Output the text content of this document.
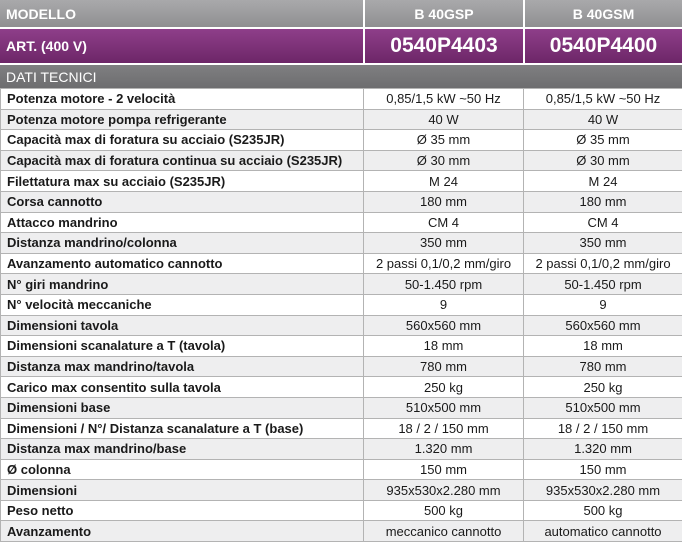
MODELLO	B 40GSP	B 40GSM
ART. (400 V)	0540P4403	0540P4400
DATI TECNICI
Potenza motore - 2 velocità	0,85/1,5 kW ~50 Hz	0,85/1,5 kW ~50 Hz
Potenza motore pompa refrigerante	40 W	40 W
Capacità max di foratura su acciaio (S235JR)	Ø 35 mm	Ø 35 mm
Capacità max di foratura continua su acciaio (S235JR)	Ø 30 mm	Ø 30 mm
Filettatura max su acciaio (S235JR)	M 24	M 24
Corsa cannotto	180 mm	180 mm
Attacco mandrino	CM 4	CM 4
Distanza mandrino/colonna	350 mm	350 mm
Avanzamento automatico cannotto	2 passi 0,1/0,2 mm/giro	2 passi 0,1/0,2 mm/giro
N° giri mandrino	50-1.450 rpm	50-1.450 rpm
N° velocità meccaniche	9	9
Dimensioni tavola	560x560 mm	560x560 mm
Dimensioni scanalature a T (tavola)	18 mm	18 mm
Distanza max mandrino/tavola	780 mm	780 mm
Carico max consentito sulla tavola	250 kg	250 kg
Dimensioni base	510x500 mm	510x500 mm
Dimensioni / N°/ Distanza scanalature a T (base)	18 / 2 / 150 mm	18 / 2 / 150 mm
Distanza max mandrino/base	1.320 mm	1.320 mm
Ø colonna	150 mm	150 mm
Dimensioni	935x530x2.280 mm	935x530x2.280 mm
Peso netto	500 kg	500 kg
Avanzamento	meccanico cannotto	automatico cannotto
